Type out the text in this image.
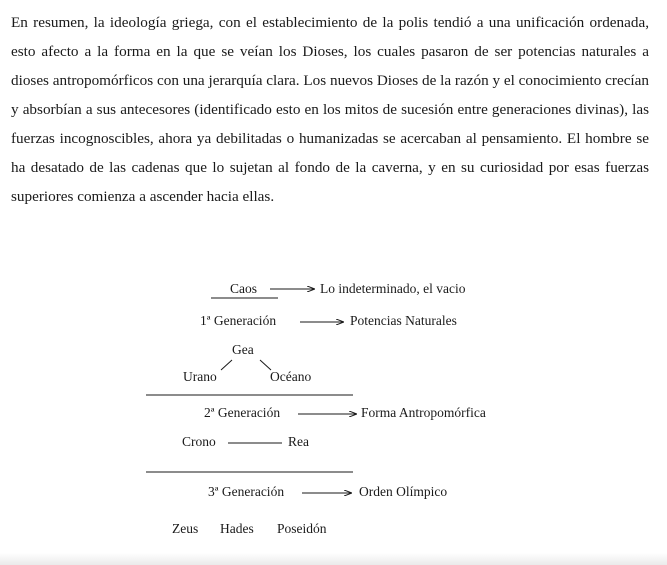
En resumen, la ideología griega, con el establecimiento de la polis tendió a una unificación ordenada, esto afecto a la forma en la que se veían los Dioses, los cuales pasaron de ser potencias naturales a dioses antropomórficos con una jerarquía clara. Los nuevos Dioses de la razón y el conocimiento crecían y absorbían a sus antecesores (identificado esto en los mitos de sucesión entre generaciones divinas), las fuerzas incognoscibles, ahora ya debilitadas o humanizadas se acercaban al pensamiento. El hombre se ha desatado de las cadenas que lo sujetan al fondo de la caverna, y en su curiosidad por esas fuerzas superiores comienza a ascender hacia ellas.

Caos	Lo indeterminado, el vacio
1ª Generación	Potencias Naturales
Gea
Urano	Océano
2ª Generación	Forma Antropomórfica
Crono	Rea
3ª Generación	Orden Olímpico
Zeus Hades Poseidón
